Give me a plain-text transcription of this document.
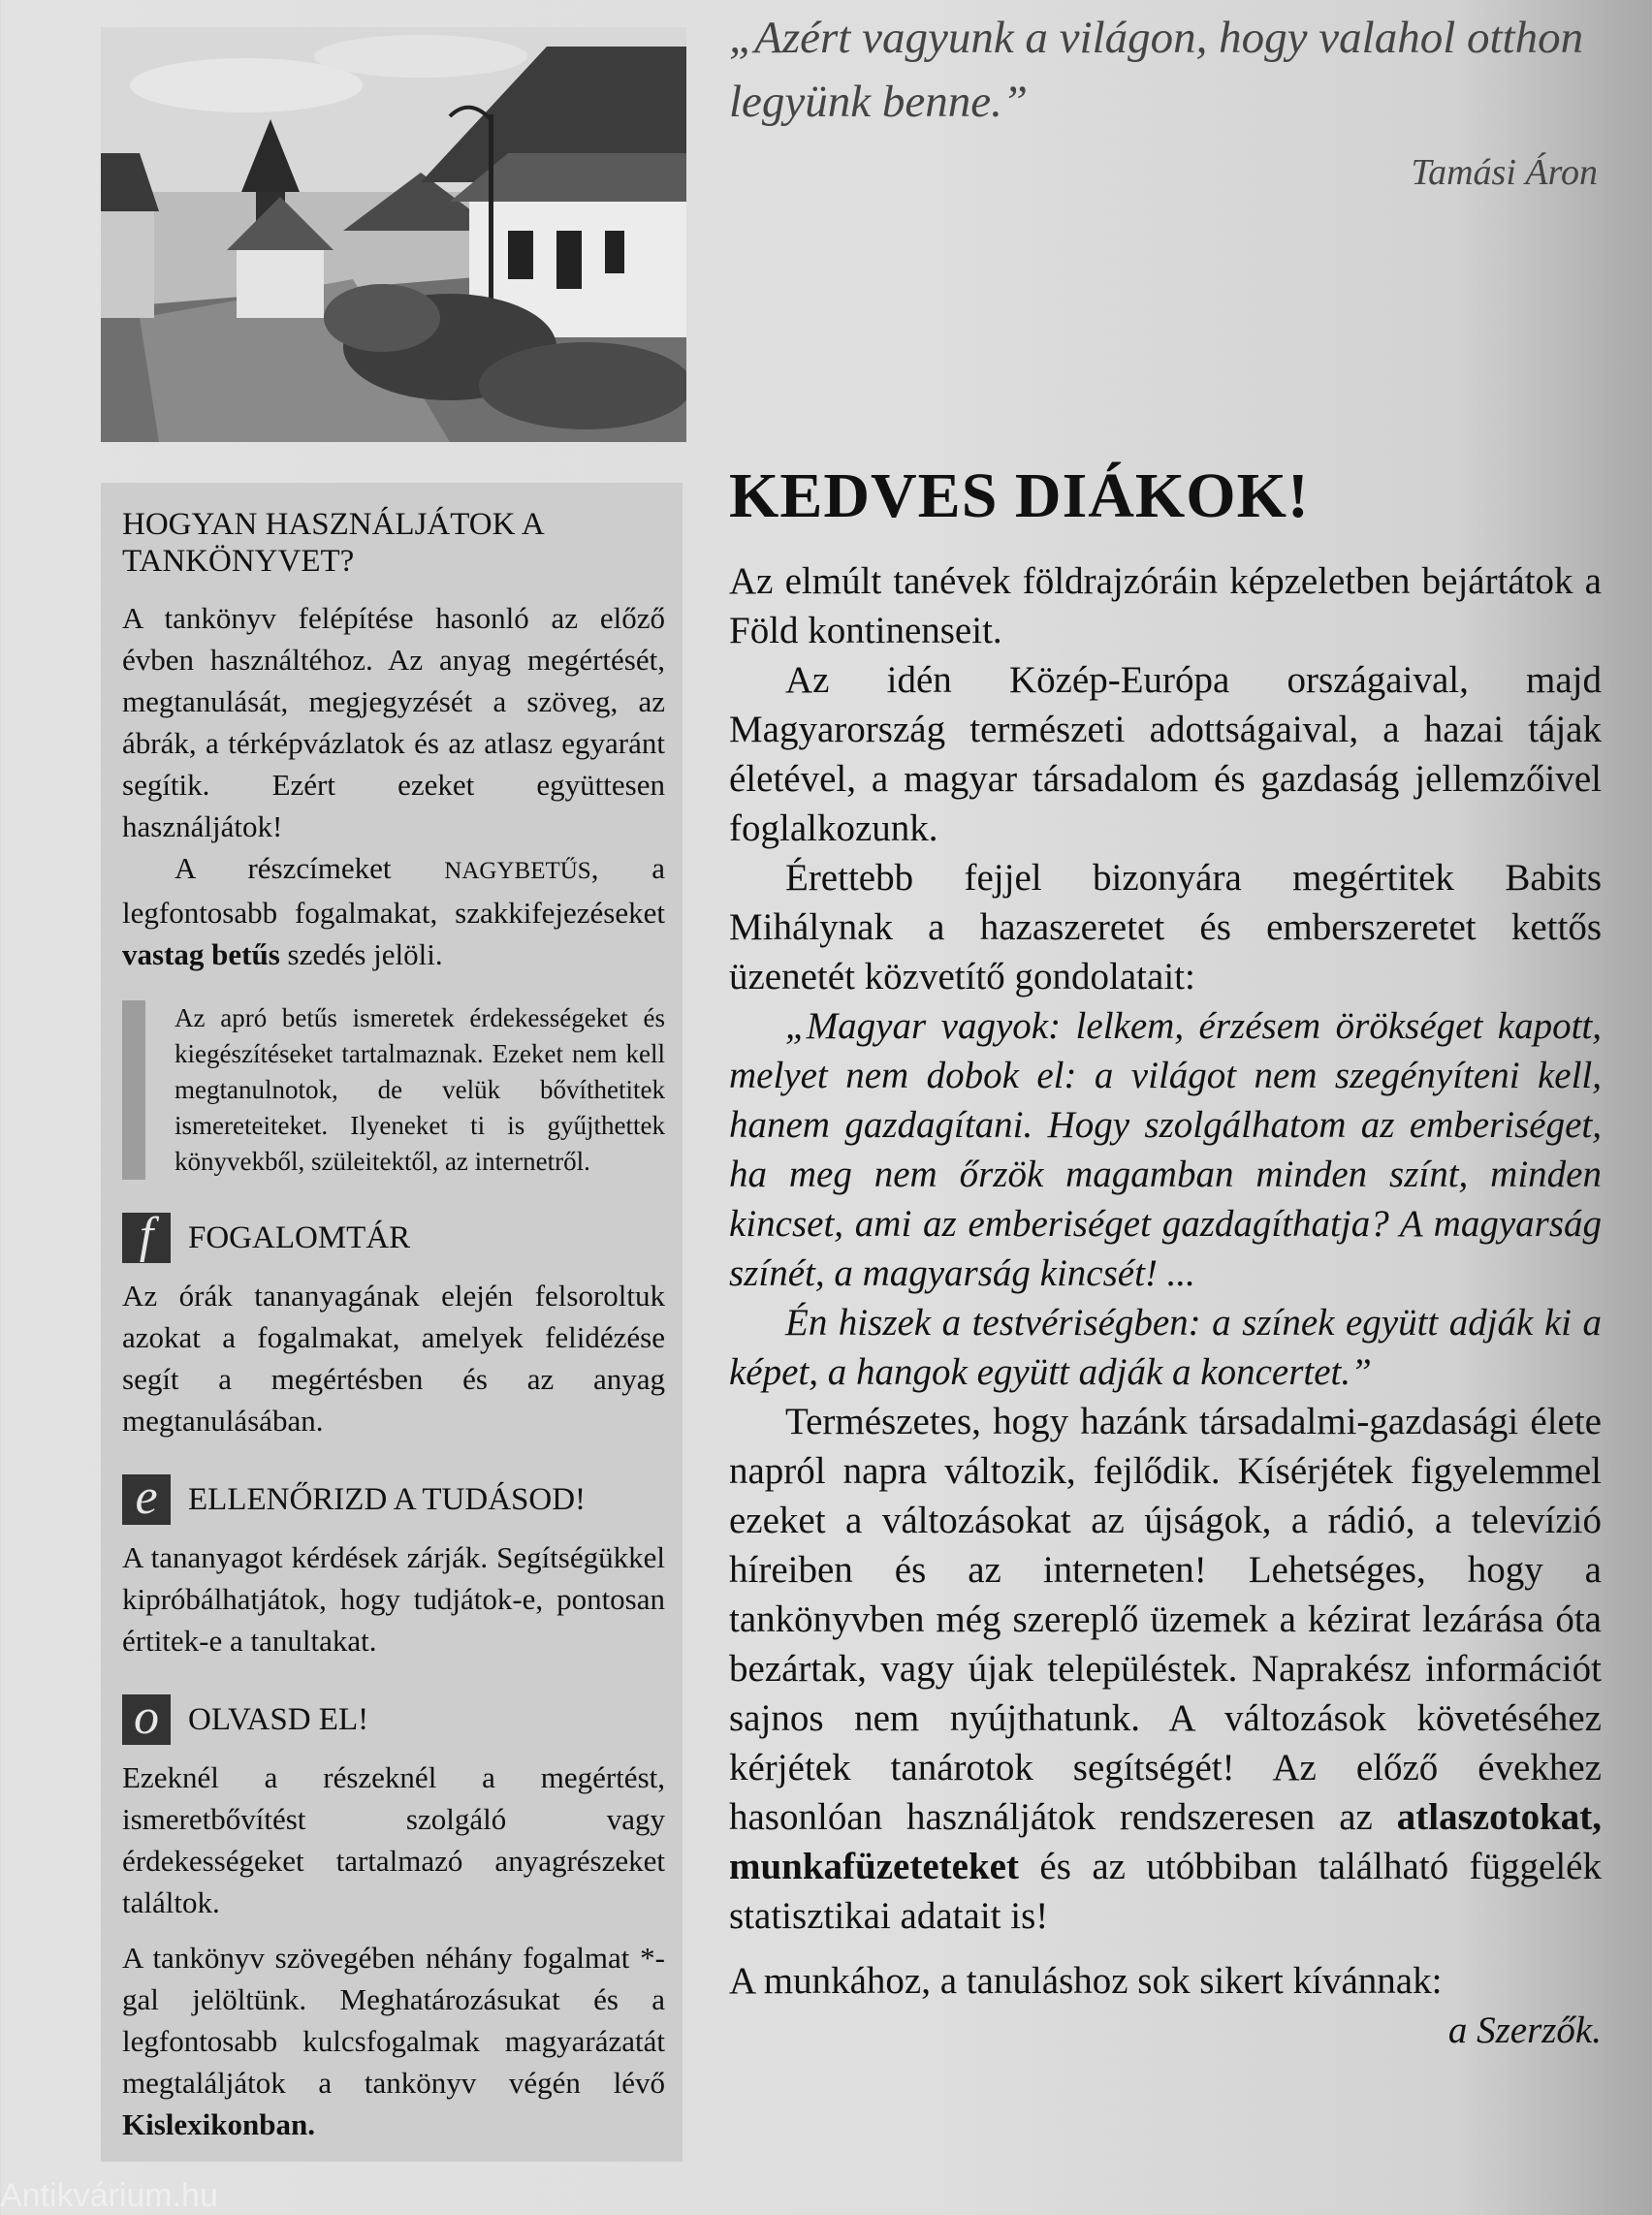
„Azért vagyunk a világon, hogy valahol otthon legyünk benne.”
Tamási Áron
HOGYAN HASZNÁLJÁTOK A TANKÖNYVET?

A tankönyv felépítése hasonló az előző évben használtéhoz. Az anyag megértését, megtanulását, megjegyzését a szöveg, az ábrák, a térképvázlatok és az atlasz egyaránt segítik. Ezért ezeket együttesen használjátok!

A részcímeket NAGYBETŰS, a legfontosabb fogalmakat, szakkifejezéseket vastag betűs szedés jelöli.

Az apró betűs ismeretek érdekességeket és kiegészítéseket tartalmaznak. Ezeket nem kell megtanulnotok, de velük bővíthetitek ismereteiteket. Ilyeneket ti is gyűjthettek könyvekből, szüleitektől, az internetről.

f	FOGALOMTÁR

Az órák tananyagának elején felsoroltuk azokat a fogalmakat, amelyek felidézése segít a megértésben és az anyag megtanulásában.

e ELLENŐRIZD A TUDÁSOD!

A tananyagot kérdések zárják. Segítségükkel kipróbálhatjátok, hogy tudjátok-e, pontosan értitek-e a tanultakat.

o OLVASD EL!

Ezeknél a részeknél a megértést, ismeretbővítést szolgáló vagy érdekességeket tartalmazó anyagrészeket találtok.

A tankönyv szövegében néhány fogalmat *-gal jelöltünk. Meghatározásukat és a legfontosabb kulcsfogalmak magyarázatát megtaláljátok a tankönyv végén lévő Kislexikonban.

KEDVES DIÁKOK!

Az elmúlt tanévek földrajzóráin képzeletben bejártátok a Föld kontinenseit.

Az idén Közép-Európa országaival, majd Magyarország természeti adottságaival, a hazai tájak életével, a magyar társadalom és gazdaság jellemzőivel foglalkozunk.

Érettebb fejjel bizonyára megértitek Babits Mihálynak a hazaszeretet és emberszeretet kettős üzenetét közvetítő gondolatait:

„Magyar vagyok: lelkem, érzésem örökséget kapott, melyet nem dobok el: a világot nem szegényíteni kell, hanem gazdagítani. Hogy szolgálhatom az emberiséget, ha meg nem őrzök magamban minden színt, minden kincset, ami az emberiséget gazdagíthatja? A magyarság színét, a magyarság kincsét! ...

Én hiszek a testvériségben: a színek együtt adják ki a képet, a hangok együtt adják a koncertet.”

Természetes, hogy hazánk társadalmi-gazdasági élete napról napra változik, fejlődik. Kísérjétek figyelemmel ezeket a változásokat az újságok, a rádió, a televízió híreiben és az interneten! Lehetséges, hogy a tankönyvben még szereplő üzemek a kézirat lezárása óta bezártak, vagy újak településtek. Naprakész információt sajnos nem nyújthatunk. A változások követéséhez kérjétek tanárotok segítségét! Az előző évekhez hasonlóan használjátok rendszeresen az atlaszotokat, munkafüzeteteket és az utóbbiban található függelék statisztikai adatait is!

A munkához, a tanuláshoz sok sikert kívánnak:

a Szerzők.
Antikvárium.hu
